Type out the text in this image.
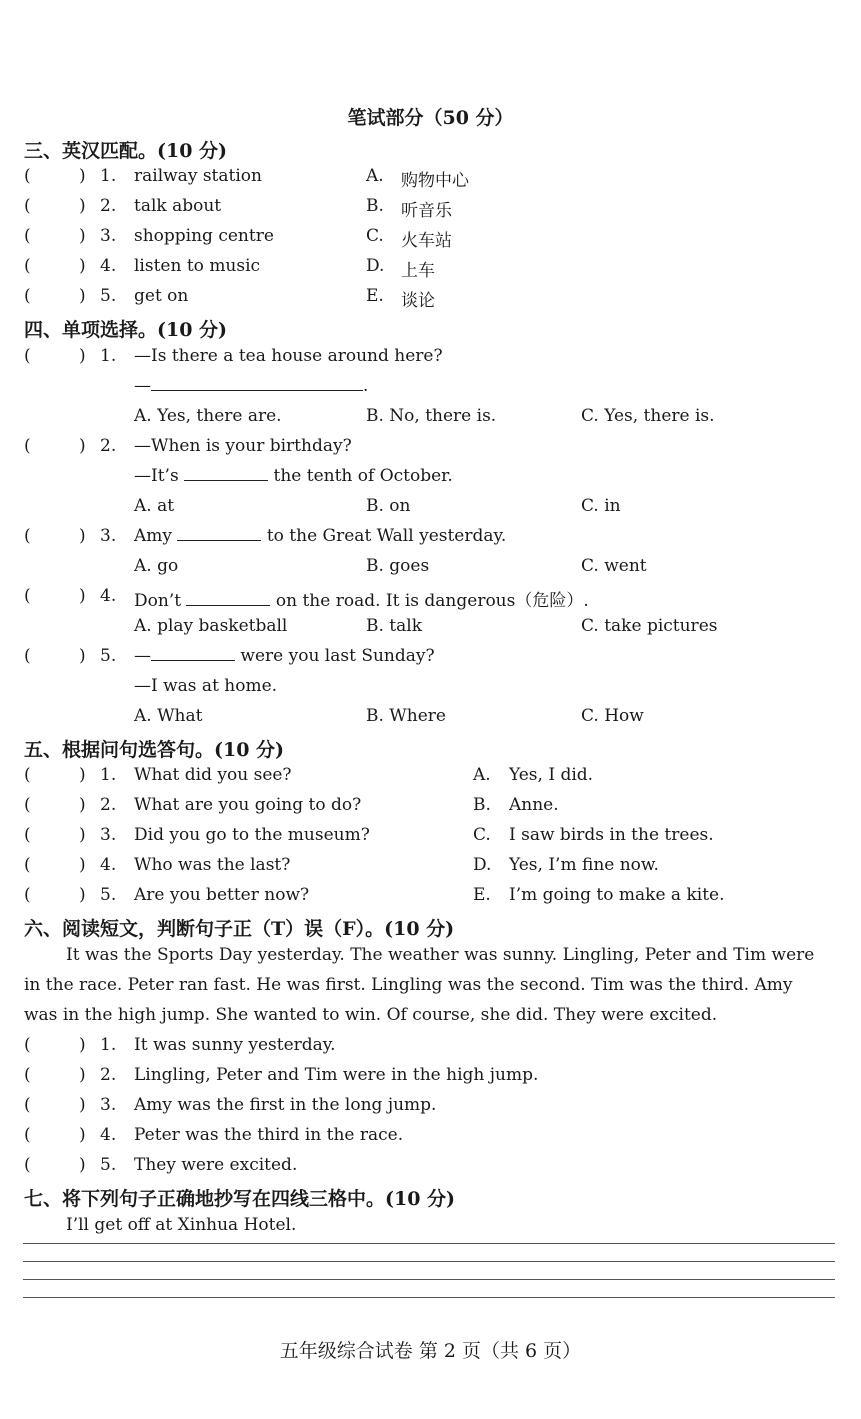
笔试部分（50 分）
三、英汉匹配。(10 分)
(	) 1. railway station	A. 购物中心
(	) 2. talk about	B. 听音乐
(	) 3. shopping centre	C. 火车站
(	) 4. listen to music	D. 上车
(	) 5. get on	E. 谈论
四、单项选择。(10 分)
(	) 1. —Is there a tea house around here?
—	.
A. Yes, there are.	B. No, there is.	C. Yes, there is.
(	) 2. —When is your birthday?
—It’s	the tenth of October.
A. at	B. on	C. in
(	) 3. Amy	to the Great Wall yesterday.
A. go	B. goes	C. went
(	) 4. Don’t	on the road. It is dangerous（危险）.
A. play basketball	B. talk	C. take pictures
(	) 5. —	were you last Sunday?
—I was at home.
A. What	B. Where	C. How
五、根据问句选答句。(10 分)
(	) 1. What did you see?	A. Yes, I did.
(	) 2. What are you going to do?	B. Anne.
(	) 3. Did you go to the museum?	C. I saw birds in the trees.
(	) 4. Who was the last?	D. Yes, I’m fine now.
(	) 5. Are you better now?	E. I’m going to make a kite.
六、阅读短文，判断句子正（T）误（F）。(10 分)
It was the Sports Day yesterday. The weather was sunny. Lingling, Peter and Tim were
in the race. Peter ran fast. He was first. Lingling was the second. Tim was the third. Amy
was in the high jump. She wanted to win. Of course, she did. They were excited.
(	) 1. It was sunny yesterday.
(	) 2. Lingling, Peter and Tim were in the high jump.
(	) 3. Amy was the first in the long jump.
(	) 4. Peter was the third in the race.
(	) 5. They were excited.
七、将下列句子正确地抄写在四线三格中。(10 分)
I’ll get off at Xinhua Hotel.
五年级综合试卷 第 2 页（共 6 页）
